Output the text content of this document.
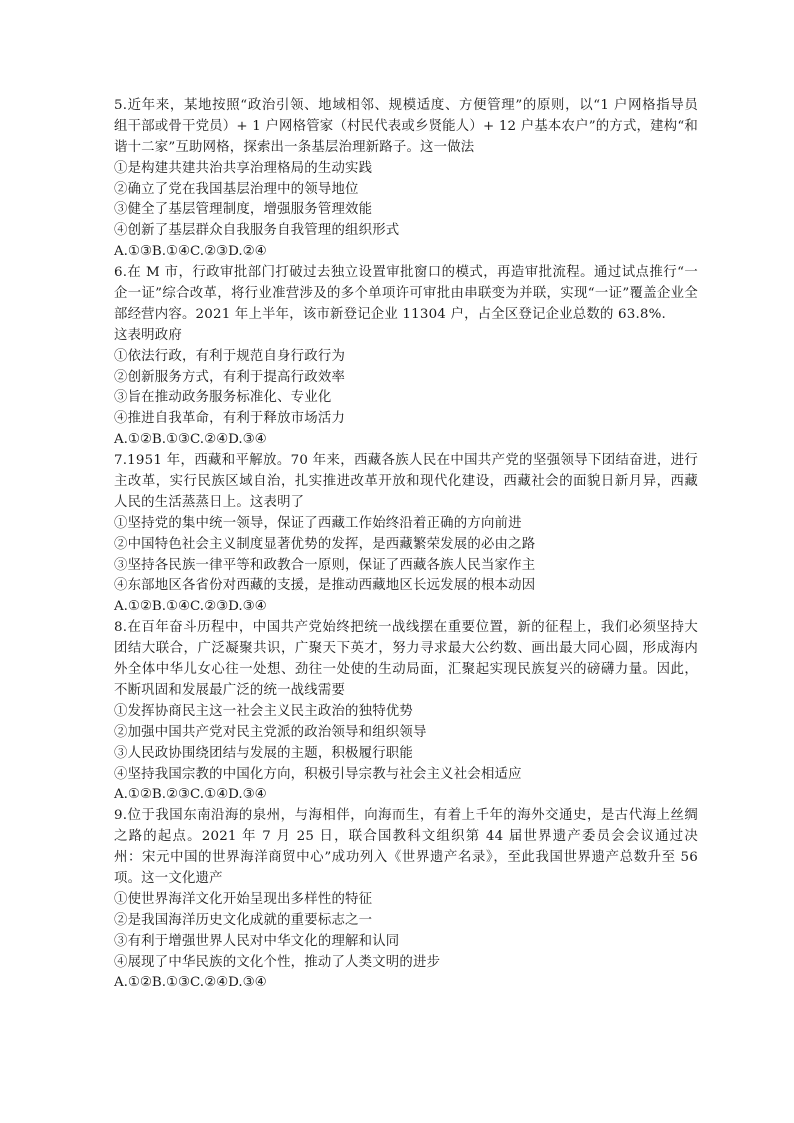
5.近年来，某地按照“政治引领、地域相邻、规模适度、方便管理”的原则，以“1 户网格指导员
组干部或骨干党员）+ 1 户网格管家（村民代表或乡贤能人）+ 12 户基本农户”的方式，建构“和
谐十二家”互助网格，探索出一条基层治理新路子。这一做法
①是构建共建共治共享治理格局的生动实践
②确立了党在我国基层治理中的领导地位
③健全了基层管理制度，增强服务管理效能
④创新了基层群众自我服务自我管理的组织形式
A.①③B.①④C.②③D.②④
6.在 M 市，行政审批部门打破过去独立设置审批窗口的模式，再造审批流程。通过试点推行“一
企一证”综合改革，将行业准营涉及的多个单项许可审批由串联变为并联，实现“一证”覆盖企业全
部经营内容。2021 年上半年，该市新登记企业 11304 户，占全区登记企业总数的 63.8%.
这表明政府
①依法行政，有利于规范自身行政行为
②创新服务方式，有利于提高行政效率
③旨在推动政务服务标准化、专业化
④推进自我革命，有利于释放市场活力
A.①②B.①③C.②④D.③④
7.1951 年，西藏和平解放。70 年来，西藏各族人民在中国共产党的坚强领导下团结奋进，进行
主改革，实行民族区域自治，扎实推进改革开放和现代化建设，西藏社会的面貌日新月异，西藏
人民的生活蒸蒸日上。这表明了
①坚持党的集中统一领导，保证了西藏工作始终沿着正确的方向前进
②中国特色社会主义制度显著优势的发挥，是西藏繁荣发展的必由之路
③坚持各民族一律平等和政教合一原则，保证了西藏各族人民当家作主
④东部地区各省份对西藏的支援，是推动西藏地区长远发展的根本动因
A.①②B.①④C.②③D.③④
8.在百年奋斗历程中，中国共产党始终把统一战线摆在重要位置，新的征程上，我们必须坚持大
团结大联合，广泛凝聚共识，广聚天下英才，努力寻求最大公约数、画出最大同心圆，形成海内
外全体中华儿女心往一处想、劲往一处使的生动局面，汇聚起实现民族复兴的磅礴力量。因此，
不断巩固和发展最广泛的统一战线需要
①发挥协商民主这一社会主义民主政治的独特优势
②加强中国共产党对民主党派的政治领导和组织领导
③人民政协围绕团结与发展的主题，积极履行职能
④坚持我国宗教的中国化方向，积极引导宗教与社会主义社会相适应
A.①②B.②③C.①④D.③④
9.位于我国东南沿海的泉州，与海相伴，向海而生，有着上千年的海外交通史，是古代海上丝绸
之路的起点。2021 年 7 月 25 日，联合国教科文组织第 44 届世界遗产委员会会议通过决
州：宋元中国的世界海洋商贸中心”成功列入《世界遗产名录》，至此我国世界遗产总数升至 56
项。这一文化遗产
①使世界海洋文化开始呈现出多样性的特征
②是我国海洋历史文化成就的重要标志之一
③有利于增强世界人民对中华文化的理解和认同
④展现了中华民族的文化个性，推动了人类文明的进步
A.①②B.①③C.②④D.③④
